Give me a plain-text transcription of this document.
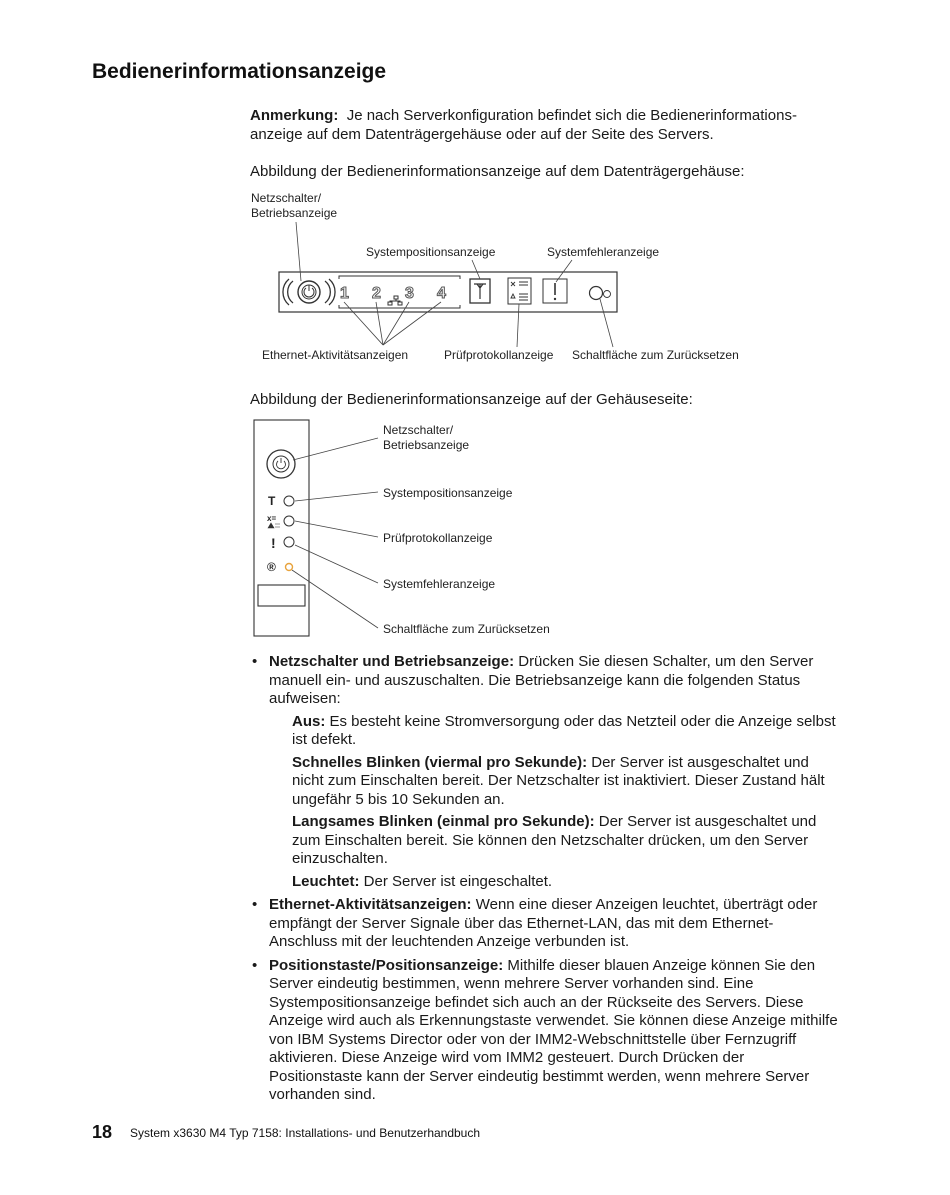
Bedienerinformationsanzeige

Anmerkung: Je nach Serverkonfiguration befindet sich die Bedienerinformations-anzeige auf dem Datenträgergehäuse oder auf der Seite des Servers.

Abbildung der Bedienerinformationsanzeige auf dem Datenträgergehäuse:

Netzschalter/
Betriebsanzeige
Systempositionsanzeige	Systemfehleranzeige
Ethernet-Aktivitätsanzeigen	Prüfprotokollanzeige Schaltfläche zum Zurücksetzen
1 2 3 4

Abbildung der Bedienerinformationsanzeige auf der Gehäuseseite:

T
x=
!
®
Netzschalter/
Betriebsanzeige
Systempositionsanzeige
Prüfprotokollanzeige
Systemfehleranzeige
Schaltfläche zum Zurücksetzen
• Netzschalter und Betriebsanzeige: Drücken Sie diesen Schalter, um den Server manuell ein- und auszuschalten. Die Betriebsanzeige kann die folgenden Status aufweisen:
Aus: Es besteht keine Stromversorgung oder das Netzteil oder die Anzeige selbst ist defekt.
Schnelles Blinken (viermal pro Sekunde): Der Server ist ausgeschaltet und nicht zum Einschalten bereit. Der Netzschalter ist inaktiviert. Dieser Zustand hält ungefähr 5 bis 10 Sekunden an.
Langsames Blinken (einmal pro Sekunde): Der Server ist ausgeschaltet und zum Einschalten bereit. Sie können den Netzschalter drücken, um den Server einzuschalten.
Leuchtet: Der Server ist eingeschaltet.
• Ethernet-Aktivitätsanzeigen: Wenn eine dieser Anzeigen leuchtet, überträgt oder empfängt der Server Signale über das Ethernet-LAN, das mit dem Ethernet-Anschluss mit der leuchtenden Anzeige verbunden ist.
• Positionstaste/Positionsanzeige: Mithilfe dieser blauen Anzeige können Sie den Server eindeutig bestimmen, wenn mehrere Server vorhanden sind. Eine Systempositionsanzeige befindet sich auch an der Rückseite des Servers. Diese Anzeige wird auch als Erkennungstaste verwendet. Sie können diese Anzeige mithilfe von IBM Systems Director oder von der IMM2-Webschnittstelle über Fernzugriff aktivieren. Diese Anzeige wird vom IMM2 gesteuert. Durch Drücken der Positionstaste kann der Server eindeutig bestimmt werden, wenn mehrere Server vorhanden sind.
18 System x3630 M4 Typ 7158: Installations- und Benutzerhandbuch
